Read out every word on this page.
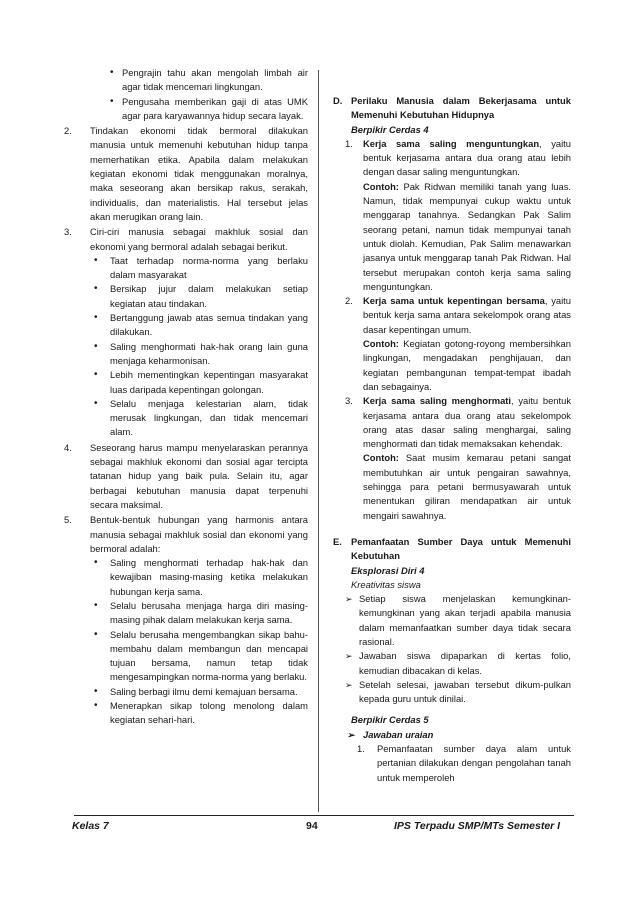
• Pengrajin tahu akan mengolah limbah air agar tidak mencemari lingkungan.
• Pengusaha memberikan gaji di atas UMK agar para karyawannya hidup secara layak.
2. Tindakan ekonomi tidak bermoral dilakukan manusia untuk memenuhi kebutuhan hidup tanpa memerhatikan etika. Apabila dalam melakukan kegiatan ekonomi tidak menggunakan moralnya, maka seseorang akan bersikap rakus, serakah, individualis, dan materialistis. Hal tersebut jelas akan merugikan orang lain.
3. Ciri-ciri manusia sebagai makhluk sosial dan ekonomi yang bermoral adalah sebagai berikut.
• Taat terhadap norma-norma yang berlaku dalam masyarakat
• Bersikap jujur dalam melakukan setiap kegiatan atau tindakan.
• Bertanggung jawab atas semua tindakan yang dilakukan.
• Saling menghormati hak-hak orang lain guna menjaga keharmonisan.
• Lebih mementingkan kepentingan masyarakat luas daripada kepentingan golongan.
• Selalu menjaga kelestarian alam, tidak merusak lingkungan, dan tidak mencemari alam.
4. Seseorang harus mampu menyelaraskan perannya sebagai makhluk ekonomi dan sosial agar tercipta tatanan hidup yang baik pula. Selain itu, agar berbagai kebutuhan manusia dapat terpenuhi secara maksimal.
5. Bentuk-bentuk hubungan yang harmonis antara manusia sebagai makhluk sosial dan ekonomi yang bermoral adalah:
• Saling menghormati terhadap hak-hak dan kewajiban masing-masing ketika melakukan hubungan kerja sama.
• Selalu berusaha menjaga harga diri masing-masing pihak dalam melakukan kerja sama.
• Selalu berusaha mengembangkan sikap bahu-membahu dalam membangun dan mencapai tujuan bersama, namun tetap tidak mengesampingkan norma-norma yang berlaku.
• Saling berbagi ilmu demi kemajuan bersama.
• Menerapkan sikap tolong menolong dalam kegiatan sehari-hari.
D. Perilaku Manusia dalam Bekerjasama untuk Memenuhi Kebutuhan Hidupnya
Berpikir Cerdas 4
1. Kerja sama saling menguntungkan, yaitu bentuk kerjasama antara dua orang atau lebih dengan dasar saling menguntungkan.
Contoh: Pak Ridwan memiliki tanah yang luas. Namun, tidak mempunyai cukup waktu untuk menggarap tanahnya. Sedangkan Pak Salim seorang petani, namun tidak mempunyai tanah untuk diolah. Kemudian, Pak Salim menawarkan jasanya untuk menggarap tanah Pak Ridwan. Hal tersebut merupakan contoh kerja sama saling menguntungkan.
2. Kerja sama untuk kepentingan bersama, yaitu bentuk kerja sama antara sekelompok orang atas dasar kepentingan umum.
Contoh: Kegiatan gotong-royong membersihkan lingkungan, mengadakan penghijauan, dan kegiatan pembangunan tempat-tempat ibadah dan sebagainya.
3. Kerja sama saling menghormati, yaitu bentuk kerjasama antara dua orang atau sekelompok orang atas dasar saling menghargai, saling menghormati dan tidak memaksakan kehendak.
Contoh: Saat musim kemarau petani sangat membutuhkan air untuk pengairan sawahnya, sehingga para petani bermusyawarah untuk menentukan giliran mendapatkan air untuk mengairi sawahnya.
E. Pemanfaatan Sumber Daya untuk Memenuhi Kebutuhan
Eksplorasi Diri 4
Kreativitas siswa
➢ Setiap siswa menjelaskan kemungkinan-kemungkinan yang akan terjadi apabila manusia dalam memanfaatkan sumber daya tidak secara rasional.
➢ Jawaban siswa dipaparkan di kertas folio, kemudian dibacakan di kelas.
➢ Setelah selesai, jawaban tersebut dikum-pulkan kepada guru untuk dinilai.
Berpikir Cerdas 5
➢ Jawaban uraian
1. Pemanfaatan sumber daya alam untuk pertanian dilakukan dengan pengolahan tanah untuk memperoleh
Kelas 7	94	IPS Terpadu SMP/MTs Semester I
